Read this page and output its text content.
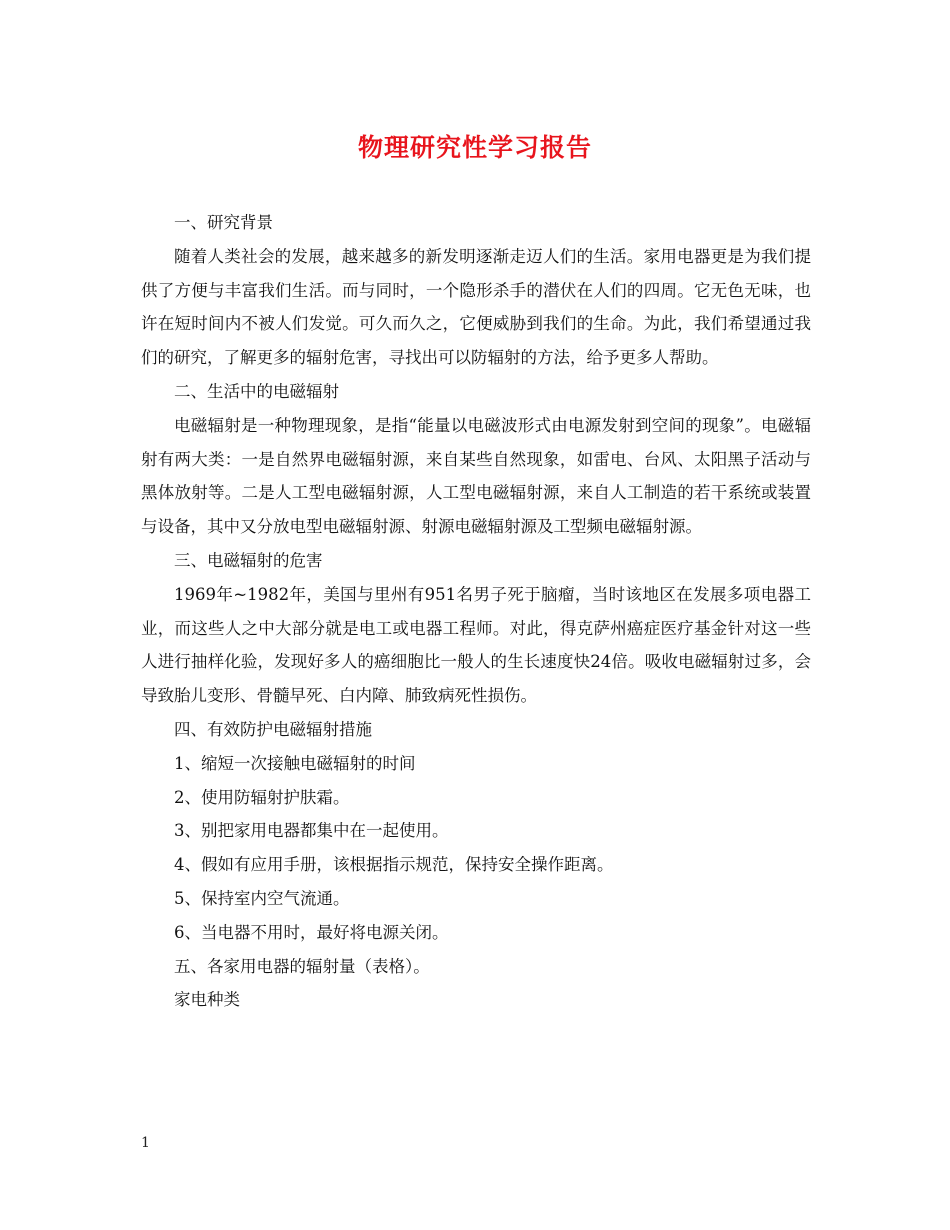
物理研究性学习报告

一、研究背景

随着人类社会的发展，越来越多的新发明逐渐走迈人们的生活。家用电器更是为我们提供了方便与丰富我们生活。而与同时，一个隐形杀手的潜伏在人们的四周。它无色无味，也许在短时间内不被人们发觉。可久而久之，它便威胁到我们的生命。为此，我们希望通过我们的研究，了解更多的辐射危害，寻找出可以防辐射的方法，给予更多人帮助。

二、生活中的电磁辐射

电磁辐射是一种物理现象，是指“能量以电磁波形式由电源发射到空间的现象”。电磁辐射有两大类：一是自然界电磁辐射源，来自某些自然现象，如雷电、台风、太阳黑子活动与黑体放射等。二是人工型电磁辐射源，人工型电磁辐射源，来自人工制造的若干系统或装置与设备，其中又分放电型电磁辐射源、射源电磁辐射源及工型频电磁辐射源。

三、电磁辐射的危害

1969年~1982年，美国与里州有951名男子死于脑瘤，当时该地区在发展多项电器工业，而这些人之中大部分就是电工或电器工程师。对此，得克萨州癌症医疗基金针对这一些人进行抽样化验，发现好多人的癌细胞比一般人的生长速度快24倍。吸收电磁辐射过多，会导致胎儿变形、骨髓早死、白内障、肺致病死性损伤。

四、有效防护电磁辐射措施

1、缩短一次接触电磁辐射的时间

2、使用防辐射护肤霜。

3、别把家用电器都集中在一起使用。

4、假如有应用手册，该根据指示规范，保持安全操作距离。

5、保持室内空气流通。

6、当电器不用时，最好将电源关闭。

五、各家用电器的辐射量（表格）。

家电种类

1
